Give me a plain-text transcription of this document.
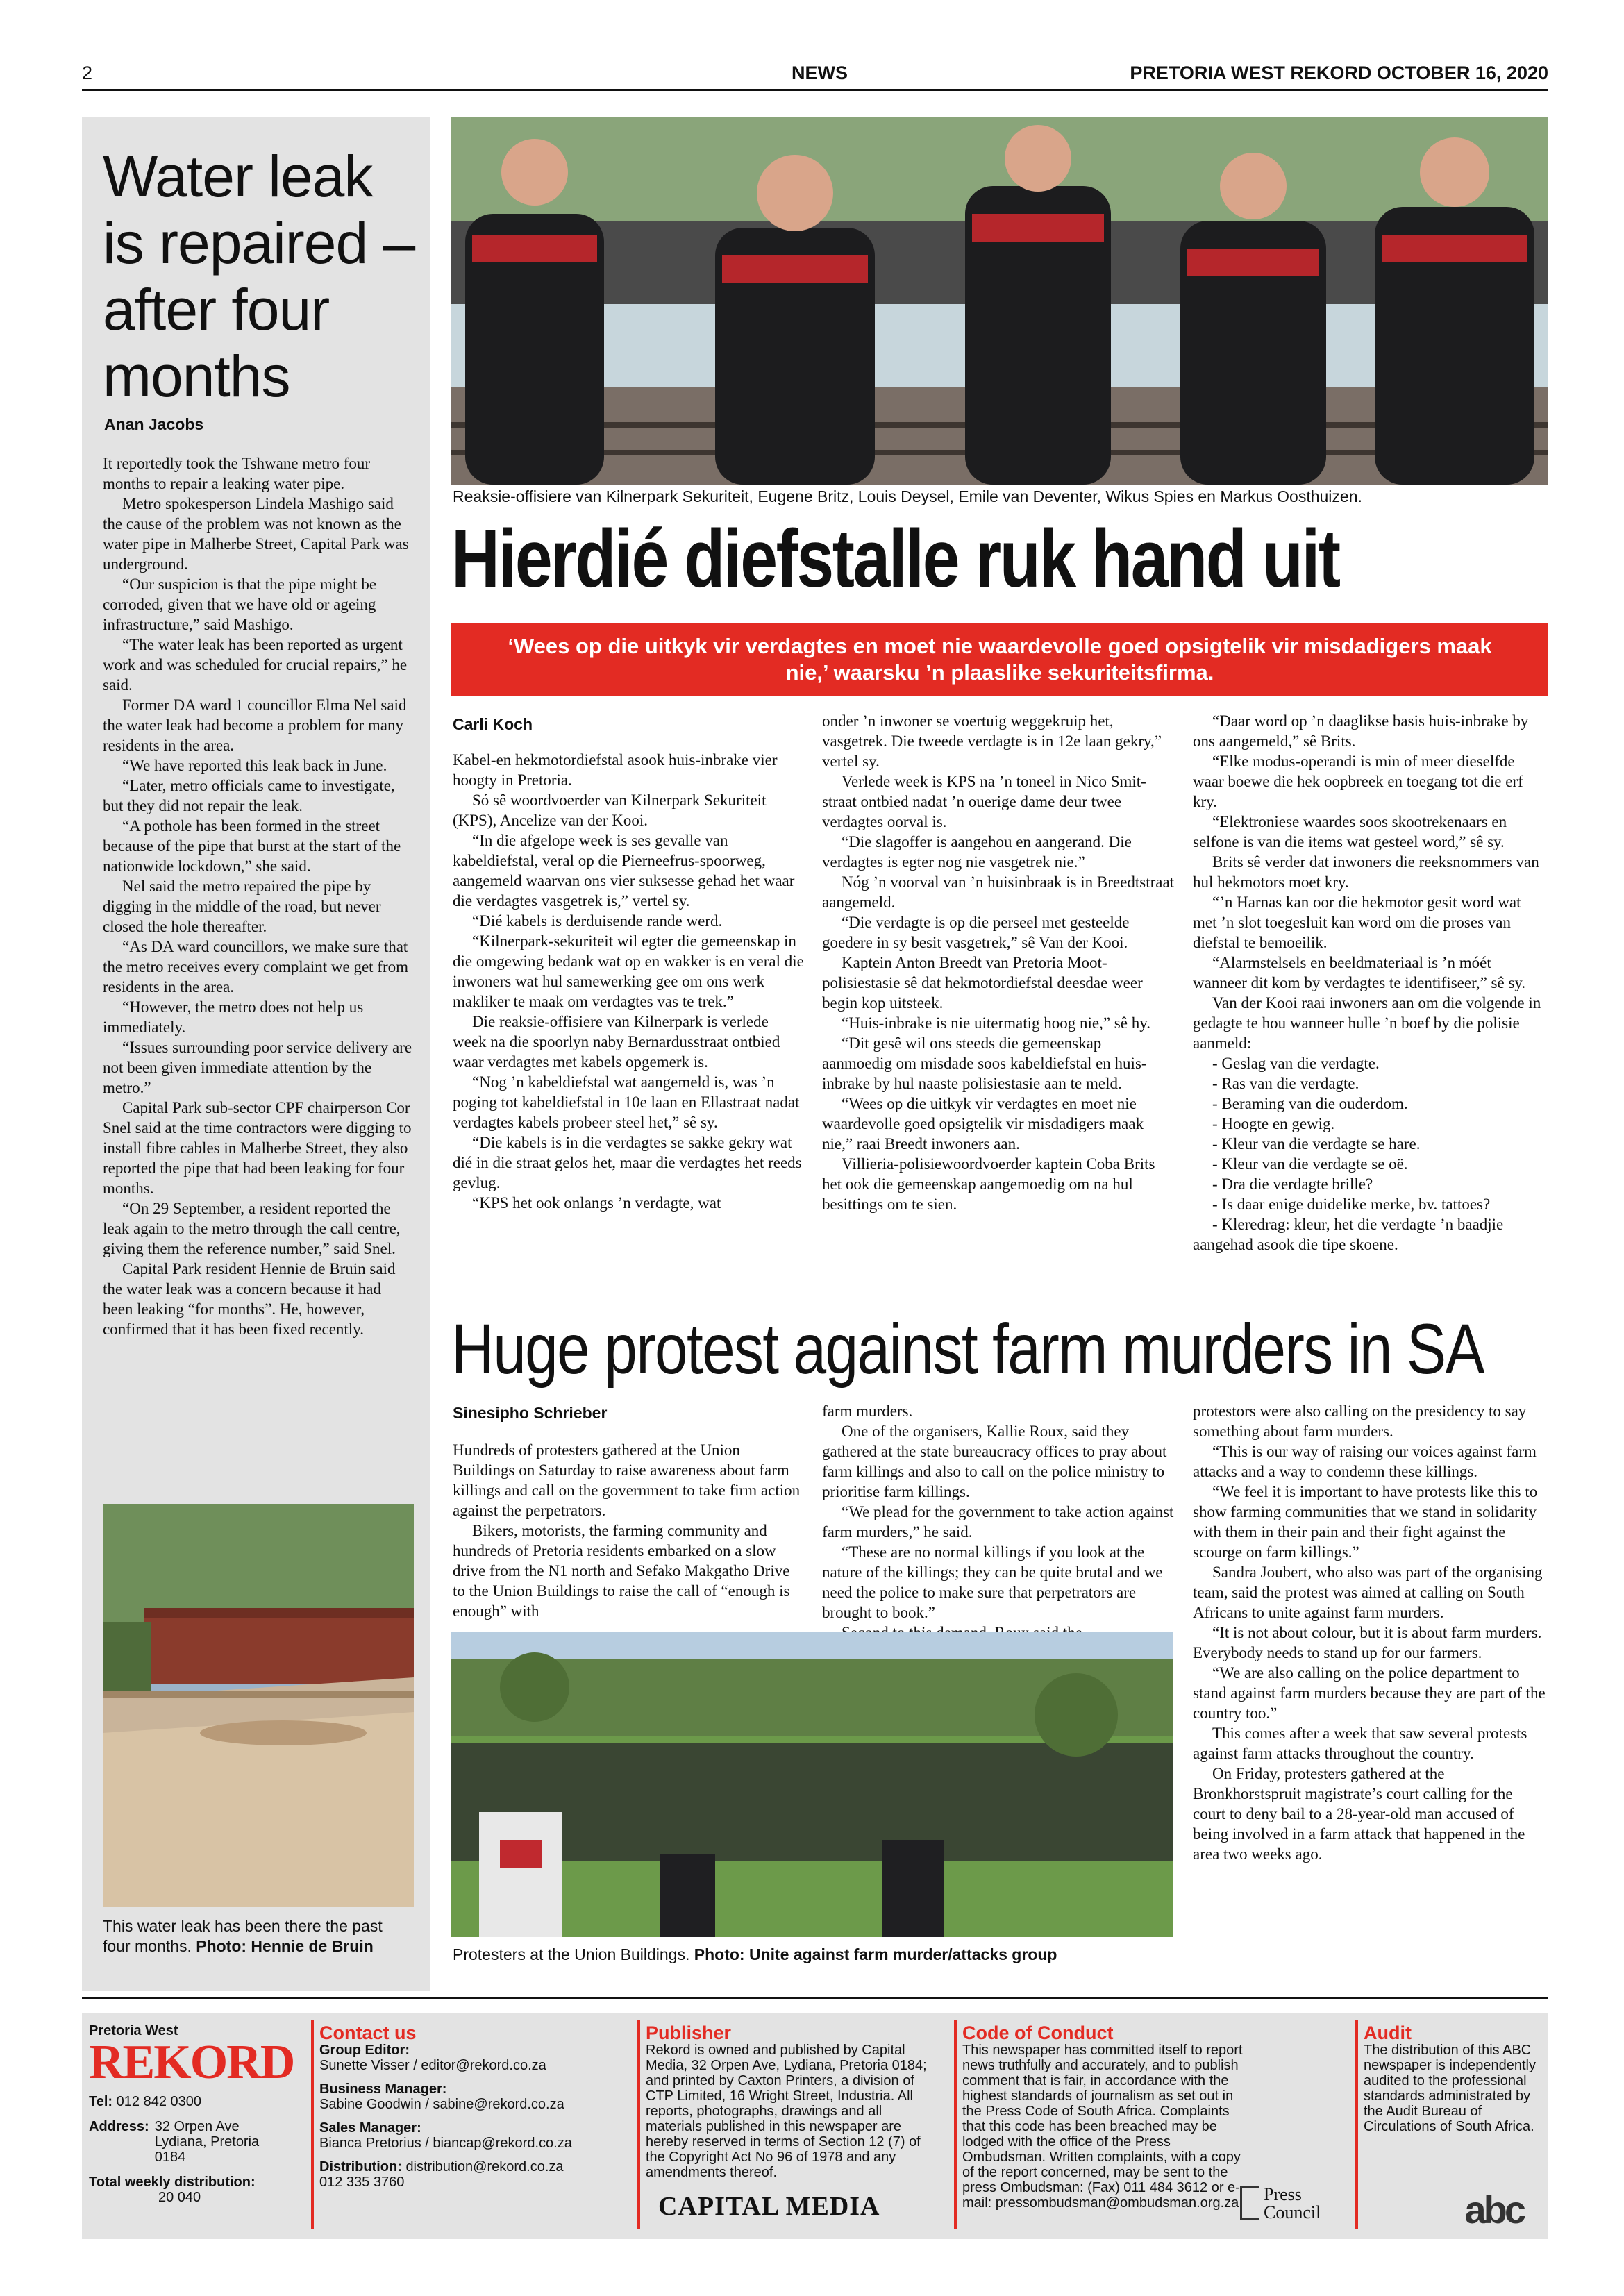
2	NEWS	PRETORIA WEST REKORD OCTOBER 16, 2020
Water leak is repaired – after four months
Anan Jacobs

It reportedly took the Tshwane metro four months to repair a leaking water pipe.

Metro spokesperson Lindela Mashigo said the cause of the problem was not known as the water pipe in Malherbe Street, Capital Park was underground.

“Our suspicion is that the pipe might be corroded, given that we have old or ageing infrastructure,” said Mashigo.

“The water leak has been reported as urgent work and was scheduled for crucial repairs,” he said.

Former DA ward 1 councillor Elma Nel said the water leak had become a problem for many residents in the area.

“We have reported this leak back in June.

“Later, metro officials came to investigate, but they did not repair the leak.

“A pothole has been formed in the street because of the pipe that burst at the start of the nationwide lockdown,” she said.

Nel said the metro repaired the pipe by digging in the middle of the road, but never closed the hole thereafter.

“As DA ward councillors, we make sure that the metro receives every complaint we get from residents in the area.

“However, the metro does not help us immediately.

“Issues surrounding poor service delivery are not been given immediate attention by the metro.”

Capital Park sub-sector CPF chairperson Cor Snel said at the time contractors were digging to install fibre cables in Malherbe Street, they also reported the pipe that had been leaking for four months.

“On 29 September, a resident reported the leak again to the metro through the call centre, giving them the reference number,” said Snel.

Capital Park resident Hennie de Bruin said the water leak was a concern because it had been leaking “for months”. He, however, confirmed that it has been fixed recently.

This water leak has been there the past four months. Photo: Hennie de Bruin
Reaksie-offisiere van Kilnerpark Sekuriteit, Eugene Britz, Louis Deysel, Emile van Deventer, Wikus Spies en Markus Oosthuizen.
Hierdié diefstalle ruk hand uit
‘Wees op die uitkyk vir verdagtes en moet nie waardevolle goed opsigtelik vir misdadigers maak nie,’ waarsku ’n plaaslike sekuriteitsfirma.
Carli Koch

Kabel-en hekmotordiefstal asook huis-inbrake vier hoogty in Pretoria.

Só sê woordvoerder van Kilnerpark Sekuriteit (KPS), Ancelize van der Kooi.

“In die afgelope week is ses gevalle van kabeldiefstal, veral op die Pierneefrus-spoorweg, aangemeld waarvan ons vier suksesse gehad het waar die verdagtes vasgetrek is,” vertel sy.

“Dié kabels is derduisende rande werd.

“Kilnerpark-sekuriteit wil egter die gemeenskap in die omgewing bedank wat op en wakker is en veral die inwoners wat hul samewerking gee om ons werk makliker te maak om verdagtes vas te trek.”

Die reaksie-offisiere van Kilnerpark is verlede week na die spoorlyn naby Bernardusstraat ontbied waar verdagtes met kabels opgemerk is.

“Nog ’n kabeldiefstal wat aangemeld is, was ’n poging tot kabeldiefstal in 10e laan en Ellastraat nadat verdagtes kabels probeer steel het,” sê sy.

“Die kabels is in die verdagtes se sakke gekry wat dié in die straat gelos het, maar die verdagtes het reeds gevlug.

“KPS het ook onlangs ’n verdagte, wat

onder ’n inwoner se voertuig weggekruip het, vasgetrek. Die tweede verdagte is in 12e laan gekry,” vertel sy.

Verlede week is KPS na ’n toneel in Nico Smit-straat ontbied nadat ’n ouerige dame deur twee verdagtes oorval is.

“Die slagoffer is aangehou en aangerand. Die verdagtes is egter nog nie vasgetrek nie.”

Nóg ’n voorval van ’n huisinbraak is in Breedtstraat aangemeld.

“Die verdagte is op die perseel met gesteelde goedere in sy besit vasgetrek,” sê Van der Kooi.

Kaptein Anton Breedt van Pretoria Moot-polisiestasie sê dat hekmotordiefstal deesdae weer begin kop uitsteek.

“Huis-inbrake is nie uitermatig hoog nie,” sê hy.

“Dit gesê wil ons steeds die gemeenskap aanmoedig om misdade soos kabeldiefstal en huis-inbrake by hul naaste polisiestasie aan te meld.

“Wees op die uitkyk vir verdagtes en moet nie waardevolle goed opsigtelik vir misdadigers maak nie,” raai Breedt inwoners aan.

Villieria-polisiewoordvoerder kaptein Coba Brits het ook die gemeenskap aangemoedig om na hul besittings om te sien.

“Daar word op ’n daaglikse basis huis-inbrake by ons aangemeld,” sê Brits.

“Elke modus-operandi is min of meer dieselfde waar boewe die hek oopbreek en toegang tot die erf kry.

“Elektroniese waardes soos skootrekenaars en selfone is van die items wat gesteel word,” sê sy.

Brits sê verder dat inwoners die reeksnommers van hul hekmotors moet kry.

“’n Harnas kan oor die hekmotor gesit word wat met ’n slot toegesluit kan word om die proses van diefstal te bemoeilik.

“Alarmstelsels en beeldmateriaal is ’n móét wanneer dit kom by verdagtes te identifiseer,” sê sy.

Van der Kooi raai inwoners aan om die volgende in gedagte te hou wanneer hulle ’n boef by die polisie aanmeld:

- Geslag van die verdagte.

- Ras van die verdagte.

- Beraming van die ouderdom.

- Hoogte en gewig.

- Kleur van die verdagte se hare.

- Kleur van die verdagte se oë.

- Dra die verdagte brille?

- Is daar enige duidelike merke, bv. tattoes?

- Kleredrag: kleur, het die verdagte ’n baadjie aangehad asook die tipe skoene.

Huge protest against farm murders in SA
Sinesipho Schrieber

Hundreds of protesters gathered at the Union Buildings on Saturday to raise awareness about farm killings and call on the government to take firm action against the perpetrators.

Bikers, motorists, the farming community and hundreds of Pretoria residents embarked on a slow drive from the N1 north and Sefako Makgatho Drive to the Union Buildings to raise the call of “enough is enough” with

farm murders.

One of the organisers, Kallie Roux, said they gathered at the state bureaucracy offices to pray about farm killings and also to call on the police ministry to prioritise farm killings.

“We plead for the government to take action against farm murders,” he said.

“These are no normal killings if you look at the nature of the killings; they can be quite brutal and we need the police to make sure that perpetrators are brought to book.”

protestors were also calling on the presidency to say something about farm murders.

“This is our way of raising our voices against farm attacks and a way to condemn these killings.

“We feel it is important to have protests like this to show farming communities that we stand in solidarity with them in their pain and their fight against the scourge on farm killings.”

Sandra Joubert, who also was part of the organising team, said the protest was aimed at calling on South Africans to unite against farm murders.

“It is not about colour, but it is about farm murders. Everybody needs to stand up for our farmers.

“We are also calling on the police department to stand against farm murders because they are part of the country too.”

This comes after a week that saw several protests against farm attacks throughout the country.

On Friday, protesters gathered at the Bronkhorstspruit magistrate’s court calling for the court to deny bail to a 28-year-old man accused of being involved in a farm attack that happened in the area two weeks ago.

Protesters at the Union Buildings. Photo: Unite against farm murder/attacks group
Pretoria West
REKORD
Tel: 012 842 0300
Address: 32 Orpen Ave
Lydiana, Pretoria
0184
Total weekly distribution:
20 040
Contact us
Group Editor:
Sunette Visser / editor@rekord.co.za
Business Manager:
Sabine Goodwin / sabine@rekord.co.za
Sales Manager:
Bianca Pretorius / biancap@rekord.co.za
Distribution: distribution@rekord.co.za
012 335 3760
Publisher
Rekord is owned and published by Capital Media, 32 Orpen Ave, Lydiana, Pretoria 0184; and printed by Caxton Printers, a division of CTP Limited, 16 Wright Street, Industria. All reports, photographs, drawings and all materials published in this newspaper are hereby reserved in terms of Section 12 (7) of the Copyright Act No 96 of 1978 and any amendments thereof.
CAPITAL MEDIA
Code of Conduct
This newspaper has committed itself to report news truthfully and accurately, and to publish comment that is fair, in accordance with the highest standards of journalism as set out in the Press Code of South Africa. Complaints that this code has been breached may be lodged with the office of the Press Ombudsman. Written complaints, with a copy of the report concerned, may be sent to the press Ombudsman: (Fax) 011 484 3612 or e-mail: pressombudsman@ombudsman.org.za	Press
Council
Audit
The distribution of this ABC newspaper is independently audited to the professional standards administrated by the Audit Bureau of Circulations of South Africa.
abc
